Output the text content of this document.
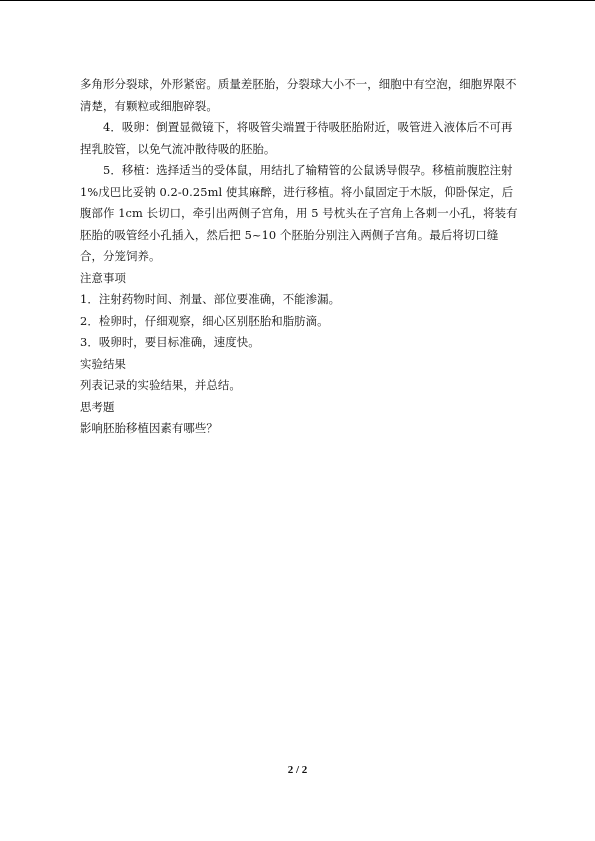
多角形分裂球，外形紧密。质量差胚胎，分裂球大小不一，细胞中有空泡，细胞界限不清楚，有颗粒或细胞碎裂。

4．吸卵：倒置显微镜下，将吸管尖端置于待吸胚胎附近，吸管进入液体后不可再捏乳胶管，以免气流冲散待吸的胚胎。

5．移植：选择适当的受体鼠，用结扎了输精管的公鼠诱导假孕。移植前腹腔注射 1%戊巴比妥钠 0.2-0.25ml 使其麻醉，进行移植。将小鼠固定于木版，仰卧保定，后腹部作 1cm 长切口，牵引出两侧子宫角，用 5 号枕头在子宫角上各刺一小孔，将装有胚胎的吸管经小孔插入，然后把 5~10 个胚胎分别注入两侧子宫角。最后将切口缝合，分笼饲养。

注意事项

1．注射药物时间、剂量、部位要准确，不能渗漏。

2．检卵时，仔细观察，细心区别胚胎和脂肪滴。

3．吸卵时，要目标准确，速度快。

实验结果

列表记录的实验结果，并总结。

思考题

影响胚胎移植因素有哪些？

2 / 2
